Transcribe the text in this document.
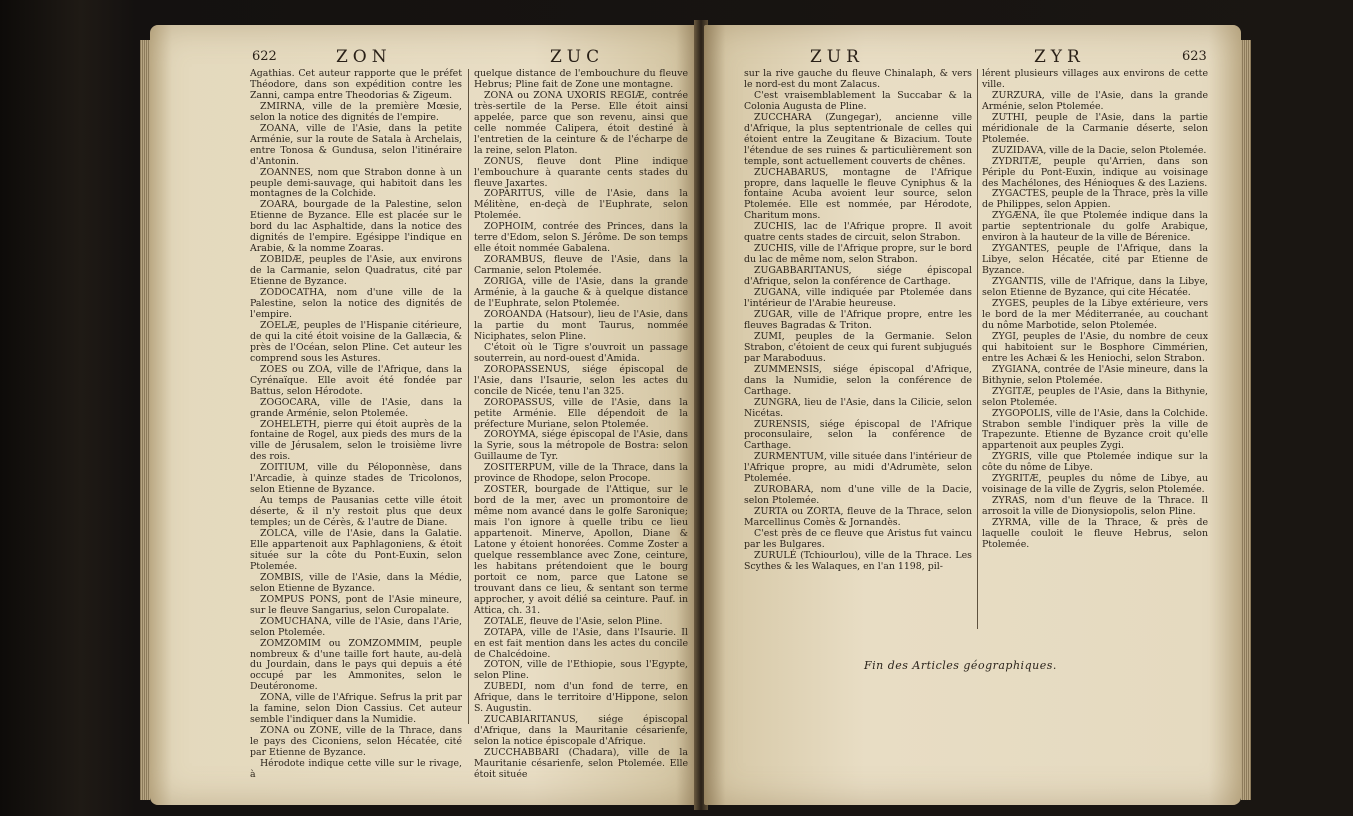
622	ZON	ZUC

Agathias. Cet auteur rapporte que le préfet Théodore, dans son expédition contre les Zanni, campa entre Theodorias & Zigeum.

ZMIRNA, ville de la première Mœsie, selon la notice des dignités de l'empire.

ZOANA, ville de l'Asie, dans la petite Arménie, sur la route de Satala à Archelais, entre Tonosa & Gundusa, selon l'itinéraire d'Antonin.

ZOANNES, nom que Strabon donne à un peuple demi-sauvage, qui habitoit dans les montagnes de la Colchide.

ZOARA, bourgade de la Palestine, selon Etienne de Byzance. Elle est placée sur le bord du lac Asphaltide, dans la notice des dignités de l'empire. Egésippe l'indique en Arabie, & la nomme Zoaras.

ZOBIDÆ, peuples de l'Asie, aux environs de la Carmanie, selon Quadratus, cité par Etienne de Byzance.

ZODOCATHA, nom d'une ville de la Palestine, selon la notice des dignités de l'empire.

ZOELÆ, peuples de l'Hispanie citérieure, de qui la cité étoit voisine de la Gallæcia, & près de l'Océan, selon Pline. Cet auteur les comprend sous les Astures.

ZOES ou ZOA, ville de l'Afrique, dans la Cyrénaïque. Elle avoit été fondée par Battus, selon Hérodote.

ZOGOCARA, ville de l'Asie, dans la grande Arménie, selon Ptolemée.

ZOHELETH, pierre qui étoit auprès de la fontaine de Rogel, aux pieds des murs de la ville de Jérusalem, selon le troisième livre des rois.

ZOITIUM, ville du Péloponnèse, dans l'Arcadie, à quinze stades de Tricolonos, selon Etienne de Byzance.

Au temps de Pausanias cette ville étoit déserte, & il n'y restoit plus que deux temples; un de Cérès, & l'autre de Diane.

ZOLCA, ville de l'Asie, dans la Galatie. Elle appartenoit aux Paphlagoniens, & étoit située sur la côte du Pont-Euxin, selon Ptolemée.

ZOMBIS, ville de l'Asie, dans la Médie, selon Etienne de Byzance.

ZOMPUS PONS, pont de l'Asie mineure, sur le fleuve Sangarius, selon Curopalate.

ZOMUCHANA, ville de l'Asie, dans l'Arie, selon Ptolemée.

ZOMZOMIM ou ZOMZOMMIM, peuple nombreux & d'une taille fort haute, au-delà du Jourdain, dans le pays qui depuis a été occupé par les Ammonites, selon le Deutéronome.

ZONA, ville de l'Afrique. Sefrus la prit par la famine, selon Dion Cassius. Cet auteur semble l'indiquer dans la Numidie.

ZONA ou ZONE, ville de la Thrace, dans le pays des Ciconiens, selon Hécatée, cité par Etienne de Byzance.

Hérodote indique cette ville sur le rivage, à

quelque distance de l'embouchure du fleuve Hebrus; Pline fait de Zone une montagne.

ZONA ou ZONA UXORIS REGIÆ, contrée très-sertile de la Perse. Elle étoit ainsi appelée, parce que son revenu, ainsi que celle nommée Calipera, étoit destiné à l'entretien de la ceinture & de l'écharpe de la reine, selon Platon.

ZONUS, fleuve dont Pline indique l'embouchure à quarante cents stades du fleuve Jaxartes.

ZOPARITUS, ville de l'Asie, dans la Mélitène, en-deçà de l'Euphrate, selon Ptolemée.

ZOPHOIM, contrée des Princes, dans la terre d'Edom, selon S. Jérôme. De son temps elle étoit nommée Gabalena.

ZORAMBUS, fleuve de l'Asie, dans la Carmanie, selon Ptolemée.

ZORIGA, ville de l'Asie, dans la grande Arménie, à la gauche & à quelque distance de l'Euphrate, selon Ptolemée.

ZOROANDA (Hatsour), lieu de l'Asie, dans la partie du mont Taurus, nommée Niciphates, selon Pline.

C'étoit où le Tigre s'ouvroit un passage souterrein, au nord-ouest d'Amida.

ZOROPASSENUS, siége épiscopal de l'Asie, dans l'Isaurie, selon les actes du concile de Nicée, tenu l'an 325.

ZOROPASSUS, ville de l'Asie, dans la petite Arménie. Elle dépendoit de la préfecture Muriane, selon Ptolemée.

ZOROYMA, siége épiscopal de l'Asie, dans la Syrie, sous la métropole de Bostra: selon Guillaume de Tyr.

ZOSITERPUM, ville de la Thrace, dans la province de Rhodope, selon Procope.

ZOSTER, bourgade de l'Attique, sur le bord de la mer, avec un promontoire de même nom avancé dans le golfe Saronique; mais l'on ignore à quelle tribu ce lieu appartenoit. Minerve, Apollon, Diane & Latone y étoient honorées. Comme Zoster a quelque ressemblance avec Zone, ceinture, les habitans prétendoient que le bourg portoit ce nom, parce que Latone se trouvant dans ce lieu, & sentant son terme approcher, y avoit délié sa ceinture. Pauf. in Attica, ch. 31.

ZOTALE, fleuve de l'Asie, selon Pline.

ZOTAPA, ville de l'Asie, dans l'Isaurie. Il en est fait mention dans les actes du concile de Chalcédoine.

ZOTON, ville de l'Ethiopie, sous l'Egypte, selon Pline.

ZUBEDI, nom d'un fond de terre, en Afrique, dans le territoire d'Hippone, selon S. Augustin.

ZUCABIARITANUS, siége épiscopal d'Afrique, dans la Mauritanie césarienfe, selon la notice épiscopale d'Afrique.

ZUCCHABBARI (Chadara), ville de la Mauritanie césarienfe, selon Ptolemée. Elle étoit située

ZUR	ZYR	623

sur la rive gauche du fleuve Chinalaph, & vers le nord-est du mont Zalacus.

C'est vraisemblablement la Succabar & la Colonia Augusta de Pline.

ZUCCHARA (Zungegar), ancienne ville d'Afrique, la plus septentrionale de celles qui étoient entre la Zeugitane & Bizacium. Toute l'étendue de ses ruines & particulièrement son temple, sont actuellement couverts de chênes.

ZUCHABARUS, montagne de l'Afrique propre, dans laquelle le fleuve Cyniphus & la fontaine Acuba avoient leur source, selon Ptolemée. Elle est nommée, par Hérodote, Charitum mons.

ZUCHIS, lac de l'Afrique propre. Il avoit quatre cents stades de circuit, selon Strabon.

ZUCHIS, ville de l'Afrique propre, sur le bord du lac de même nom, selon Strabon.

ZUGABBARITANUS, siége épiscopal d'Afrique, selon la conférence de Carthage.

ZUGANA, ville indiquée par Ptolemée dans l'intérieur de l'Arabie heureuse.

ZUGAR, ville de l'Afrique propre, entre les fleuves Bagradas & Triton.

ZUMI, peuples de la Germanie. Selon Strabon, c'étoient de ceux qui furent subjugués par Maraboduus.

ZUMMENSIS, siége épiscopal d'Afrique, dans la Numidie, selon la conférence de Carthage.

ZUNGRA, lieu de l'Asie, dans la Cilicie, selon Nicétas.

ZURENSIS, siége épiscopal de l'Afrique proconsulaire, selon la conférence de Carthage.

ZURMENTUM, ville située dans l'intérieur de l'Afrique propre, au midi d'Adrumète, selon Ptolemée.

ZUROBARA, nom d'une ville de la Dacie, selon Ptolemée.

ZURTA ou ZORTA, fleuve de la Thrace, selon Marcellinus Comès & Jornandès.

C'est près de ce fleuve que Aristus fut vaincu par les Bulgares.

ZURULÉ (Tchiourlou), ville de la Thrace. Les Scythes & les Walaques, en l'an 1198, pil-

lérent plusieurs villages aux environs de cette ville.

ZURZURA, ville de l'Asie, dans la grande Arménie, selon Ptolemée.

ZUTHI, peuple de l'Asie, dans la partie méridionale de la Carmanie déserte, selon Ptolemée.

ZUZIDAVA, ville de la Dacie, selon Ptolemée.

ZYDRITÆ, peuple qu'Arrien, dans son Périple du Pont-Euxin, indique au voisinage des Machélones, des Hénioques & des Laziens.

ZYGACTES, peuple de la Thrace, près la ville de Philippes, selon Appien.

ZYGÆNA, île que Ptolemée indique dans la partie septentrionale du golfe Arabique, environ à la hauteur de la ville de Bérenice.

ZYGANTES, peuple de l'Afrique, dans la Libye, selon Hécatée, cité par Etienne de Byzance.

ZYGANTIS, ville de l'Afrique, dans la Libye, selon Etienne de Byzance, qui cite Hécatée.

ZYGES, peuples de la Libye extérieure, vers le bord de la mer Méditerranée, au couchant du nôme Marbotide, selon Ptolemée.

ZYGI, peuples de l'Asie, du nombre de ceux qui habitoient sur le Bosphore Cimmérien, entre les Achæi & les Heniochi, selon Strabon.

ZYGIANA, contrée de l'Asie mineure, dans la Bithynie, selon Ptolemée.

ZYGITÆ, peuples de l'Asie, dans la Bithynie, selon Ptolemée.

ZYGOPOLIS, ville de l'Asie, dans la Colchide. Strabon semble l'indiquer près la ville de Trapezunte. Etienne de Byzance croit qu'elle appartenoit aux peuples Zygi.

ZYGRIS, ville que Ptolemée indique sur la côte du nôme de Libye.

ZYGRITÆ, peuples du nôme de Libye, au voisinage de la ville de Zygris, selon Ptolemée.

ZYRAS, nom d'un fleuve de la Thrace. Il arrosoit la ville de Dionysiopolis, selon Pline.

ZYRMA, ville de la Thrace, & près de laquelle couloit le fleuve Hebrus, selon Ptolemée.

Fin des Articles géographiques.
